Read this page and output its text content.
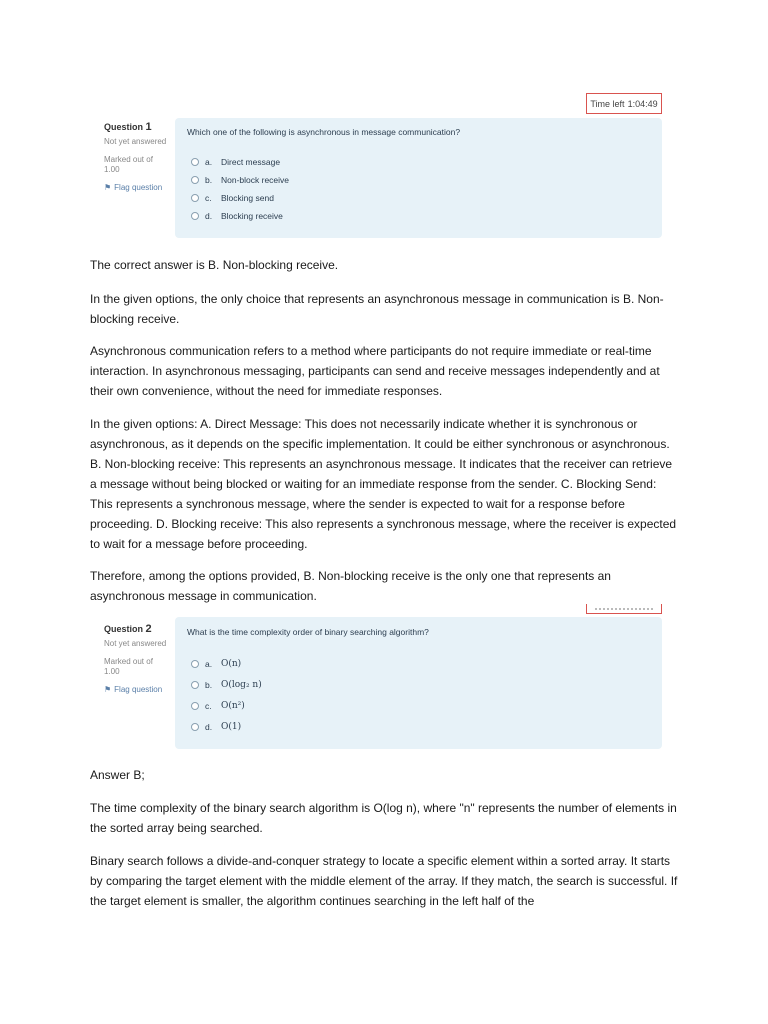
Time left 1:04:49
Question 1
Not yet answered
Marked out of 1.00
⚑ Flag question
Which one of the following is asynchronous in message communication?
a.	Direct message
b.	Non-block receive
c.	Blocking send
d.	Blocking receive

The correct answer is B. Non-blocking receive.

In the given options, the only choice that represents an asynchronous message in communication is B. Non-blocking receive.

Asynchronous communication refers to a method where participants do not require immediate or real-time interaction. In asynchronous messaging, participants can send and receive messages independently and at their own convenience, without the need for immediate responses.

In the given options: A. Direct Message: This does not necessarily indicate whether it is synchronous or asynchronous, as it depends on the specific implementation. It could be either synchronous or asynchronous. B. Non-blocking receive: This represents an asynchronous message. It indicates that the receiver can retrieve a message without being blocked or waiting for an immediate response from the sender. C. Blocking Send: This represents a synchronous message, where the sender is expected to wait for a response before proceeding. D. Blocking receive: This also represents a synchronous message, where the receiver is expected to wait for a message before proceeding.

Therefore, among the options provided, B. Non-blocking receive is the only one that represents an asynchronous message in communication.

Question 2
Not yet answered
Marked out of 1.00
⚑ Flag question
What is the time complexity order of binary searching algorithm?
a. O(n)
b. O(log₂ n)
c.	O(n²)
d. O(1)

Answer B;

The time complexity of the binary search algorithm is O(log n), where "n" represents the number of elements in the sorted array being searched.

Binary search follows a divide-and-conquer strategy to locate a specific element within a sorted array. It starts by comparing the target element with the middle element of the array. If they match, the search is successful. If the target element is smaller, the algorithm continues searching in the left half of the
